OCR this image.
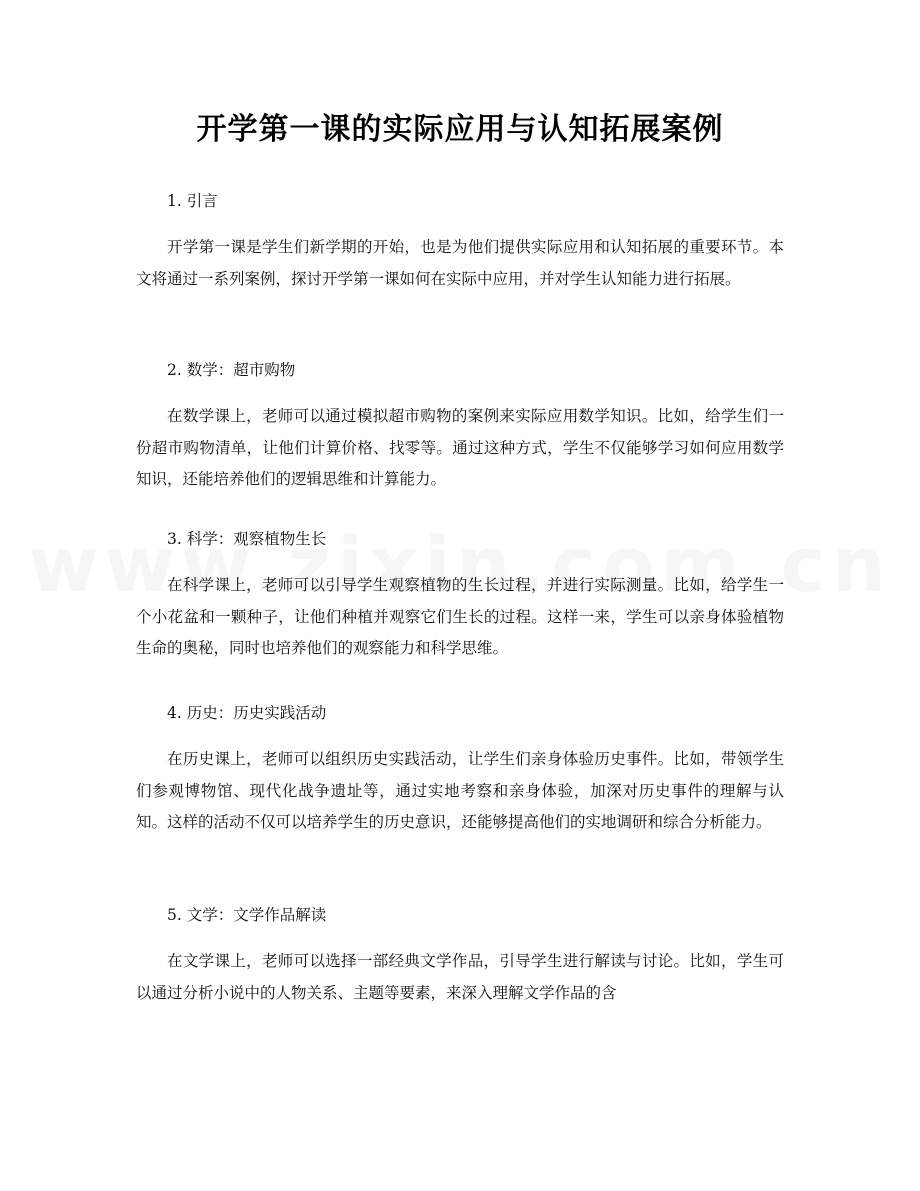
开学第一课的实际应用与认知拓展案例
1. 引言
开学第一课是学生们新学期的开始，也是为他们提供实际应用和认知拓展的重要环节。本文将通过一系列案例，探讨开学第一课如何在实际中应用，并对学生认知能力进行拓展。
2. 数学：超市购物
在数学课上，老师可以通过模拟超市购物的案例来实际应用数学知识。比如，给学生们一份超市购物清单，让他们计算价格、找零等。通过这种方式，学生不仅能够学习如何应用数学知识，还能培养他们的逻辑思维和计算能力。
3. 科学：观察植物生长
在科学课上，老师可以引导学生观察植物的生长过程，并进行实际测量。比如，给学生一个小花盆和一颗种子，让他们种植并观察它们生长的过程。这样一来，学生可以亲身体验植物生命的奥秘，同时也培养他们的观察能力和科学思维。
4. 历史：历史实践活动
在历史课上，老师可以组织历史实践活动，让学生们亲身体验历史事件。比如，带领学生们参观博物馆、现代化战争遗址等，通过实地考察和亲身体验，加深对历史事件的理解与认知。这样的活动不仅可以培养学生的历史意识，还能够提高他们的实地调研和综合分析能力。
5. 文学：文学作品解读
在文学课上，老师可以选择一部经典文学作品，引导学生进行解读与讨论。比如，学生可以通过分析小说中的人物关系、主题等要素，来深入理解文学作品的含
